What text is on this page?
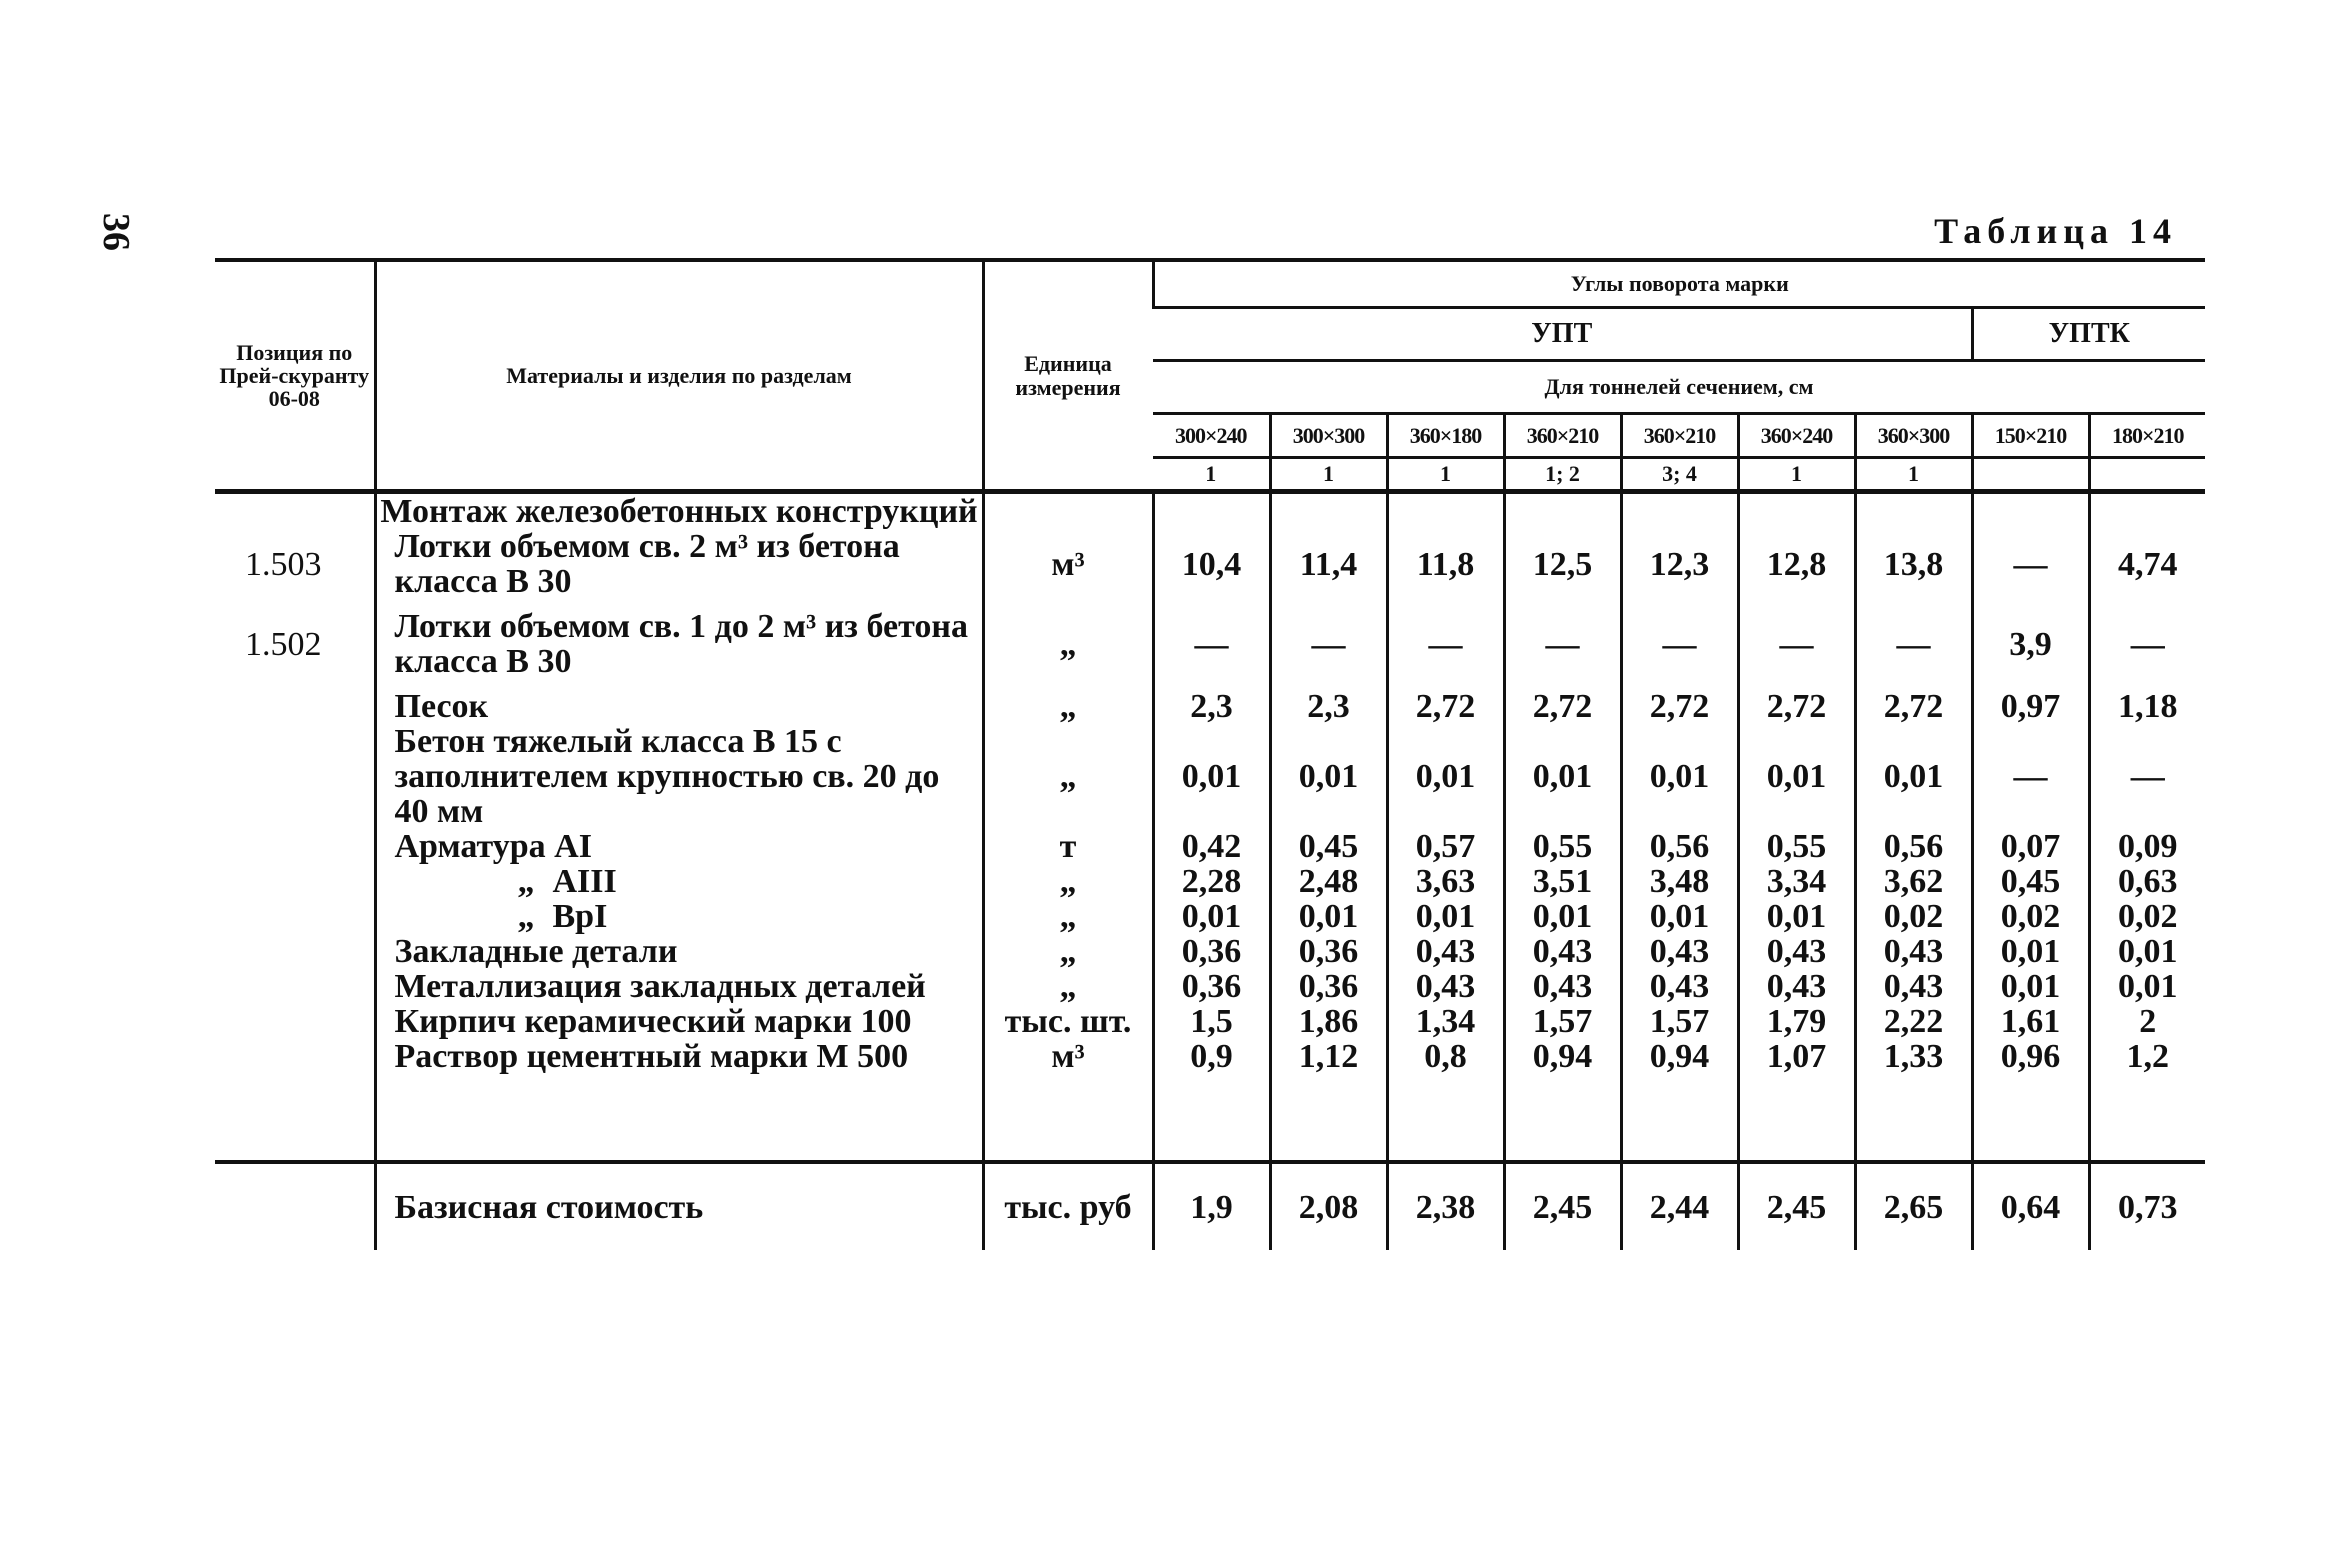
36	Таблица 14
Позиция по Прей-скуранту 06-08	Материалы и изделия по разделам	Единица измерения	Углы поворота марки								
			УПТ							УПТК	
			Для тоннелей сечением, см								
			300×240	300×300	360×180	360×210	360×210	360×240	360×300	150×210	180×210
			1	1	1	1; 2	3; 4	1	1		
	Монтаж железобетонных конструкций										
1.503	Лотки объемом св. 2 м³ из бетона класса В 30	м³	10,4	11,4	11,8	12,5	12,3	12,8	13,8	—	4,74
1.502	Лотки объемом св. 1 до 2 м³ из бетона класса В 30	„	—	—	—	—	—	—	—	3,9	—
	Песок	„	2,3	2,3	2,72	2,72	2,72	2,72	2,72	0,97	1,18
	Бетон тяжелый класса В 15 с заполнителем крупностью св. 20 до 40 мм	„	0,01	0,01	0,01	0,01	0,01	0,01	0,01	—	—
	Арматура AI	т	0,42	0,45	0,57	0,55	0,56	0,55	0,56	0,07	0,09
	„ AIII	„	2,28	2,48	3,63	3,51	3,48	3,34	3,62	0,45	0,63
	„ BpI	„	0,01	0,01	0,01	0,01	0,01	0,01	0,02	0,02	0,02
	Закладные детали	„	0,36	0,36	0,43	0,43	0,43	0,43	0,43	0,01	0,01
	Металлизация закладных деталей	„	0,36	0,36	0,43	0,43	0,43	0,43	0,43	0,01	0,01
	Кирпич керамический марки 100	тыс. шт.	1,5	1,86	1,34	1,57	1,57	1,79	2,22	1,61	2
	Раствор цементный марки М 500	м³	0,9	1,12	0,8	0,94	0,94	1,07	1,33	0,96	1,2

	Базисная стоимость	тыс. руб	1,9	2,08	2,38	2,45	2,44	2,45	2,65	0,64	0,73
